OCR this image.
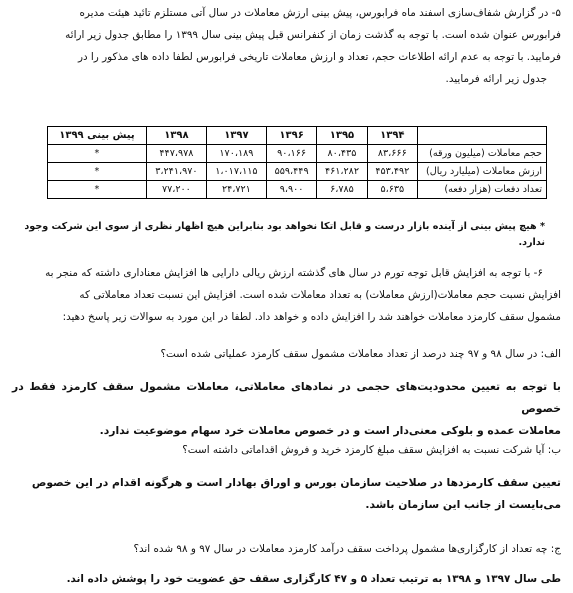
۵- در گزارش شفاف‌سازی اسفند ماه فرابورس، پیش بینی ارزش معاملات در سال آتی مستلزم تائید هیئت مدیره
فرابورس عنوان شده است. با توجه به گذشت زمان از کنفرانس قبل پیش بینی سال ۱۳۹۹ را مطابق جدول زیر ارائه
فرمایید. با توجه به عدم ارائه اطلاعات حجم، تعداد و ارزش معاملات تاریخی فرابورس لطفا داده های مذکور را در
جدول زیر ارائه فرمایید.
	۱۳۹۴	۱۳۹۵	۱۳۹۶	۱۳۹۷	۱۳۹۸	پیش بینی ۱۳۹۹
حجم معاملات (میلیون ورقه)	۸۳،۶۶۶	۸۰،۴۳۵	۹۰،۱۶۶	۱۷۰،۱۸۹	۴۴۷،۹۷۸	*
ارزش معاملات (میلیارد ریال)	۴۵۳،۴۹۲	۴۶۱،۲۸۲	۵۵۹،۴۴۹	۱،۰۱۷،۱۱۵	۳،۲۴۱،۹۷۰	*
تعداد دفعات (هزار دفعه)	۵،۶۳۵	۶،۷۸۵	۹،۹۰۰	۲۴،۷۲۱	۷۷،۲۰۰	*
* هیچ پیش بینی از آینده بازار درست و قابل اتکا نخواهد بود بنابراین هیچ اظهار نظری از سوی این شرکت وجود ندارد.
۶- با توجه به افزایش قابل توجه تورم در سال های گذشته ارزش ریالی دارایی ها افزایش معناداری داشته که منجر به
افزایش نسبت حجم معاملات(ارزش معاملات) به تعداد معاملات شده است. افزایش این نسبت تعداد معاملاتی که
مشمول سقف کارمزد معاملات خواهند شد را افزایش داده و خواهد داد. لطفا در این مورد به سوالات زیر پاسخ دهید:
الف: در سال ۹۸ و ۹۷ چند درصد از تعداد معاملات مشمول سقف کارمزد عملیاتی شده است؟
با توجه به تعیین محدودیت‌های حجمی در نمادهای معاملاتی، معاملات مشمول سقف کارمزد فقط در خصوص
معاملات عمده و بلوکی معنی‌دار است و در خصوص معاملات خرد سهام موضوعیت ندارد.
ب: آیا شرکت نسبت به افزایش سقف مبلغ کارمزد خرید و فروش اقداماتی داشته است؟
تعیین سقف کارمزدها در صلاحیت سازمان بورس و اوراق بهادار است و هرگونه اقدام در این خصوص
می‌بایست از جانب این سازمان باشد.
ج: چه تعداد از کارگزاری‌ها مشمول پرداخت سقف درآمد کارمزد معاملات در سال ۹۷ و ۹۸ شده اند؟
طی سال ۱۳۹۷ و ۱۳۹۸ به ترتیب تعداد ۵ و ۴۷ کارگزاری سقف حق عضویت خود را پوشش داده اند.
